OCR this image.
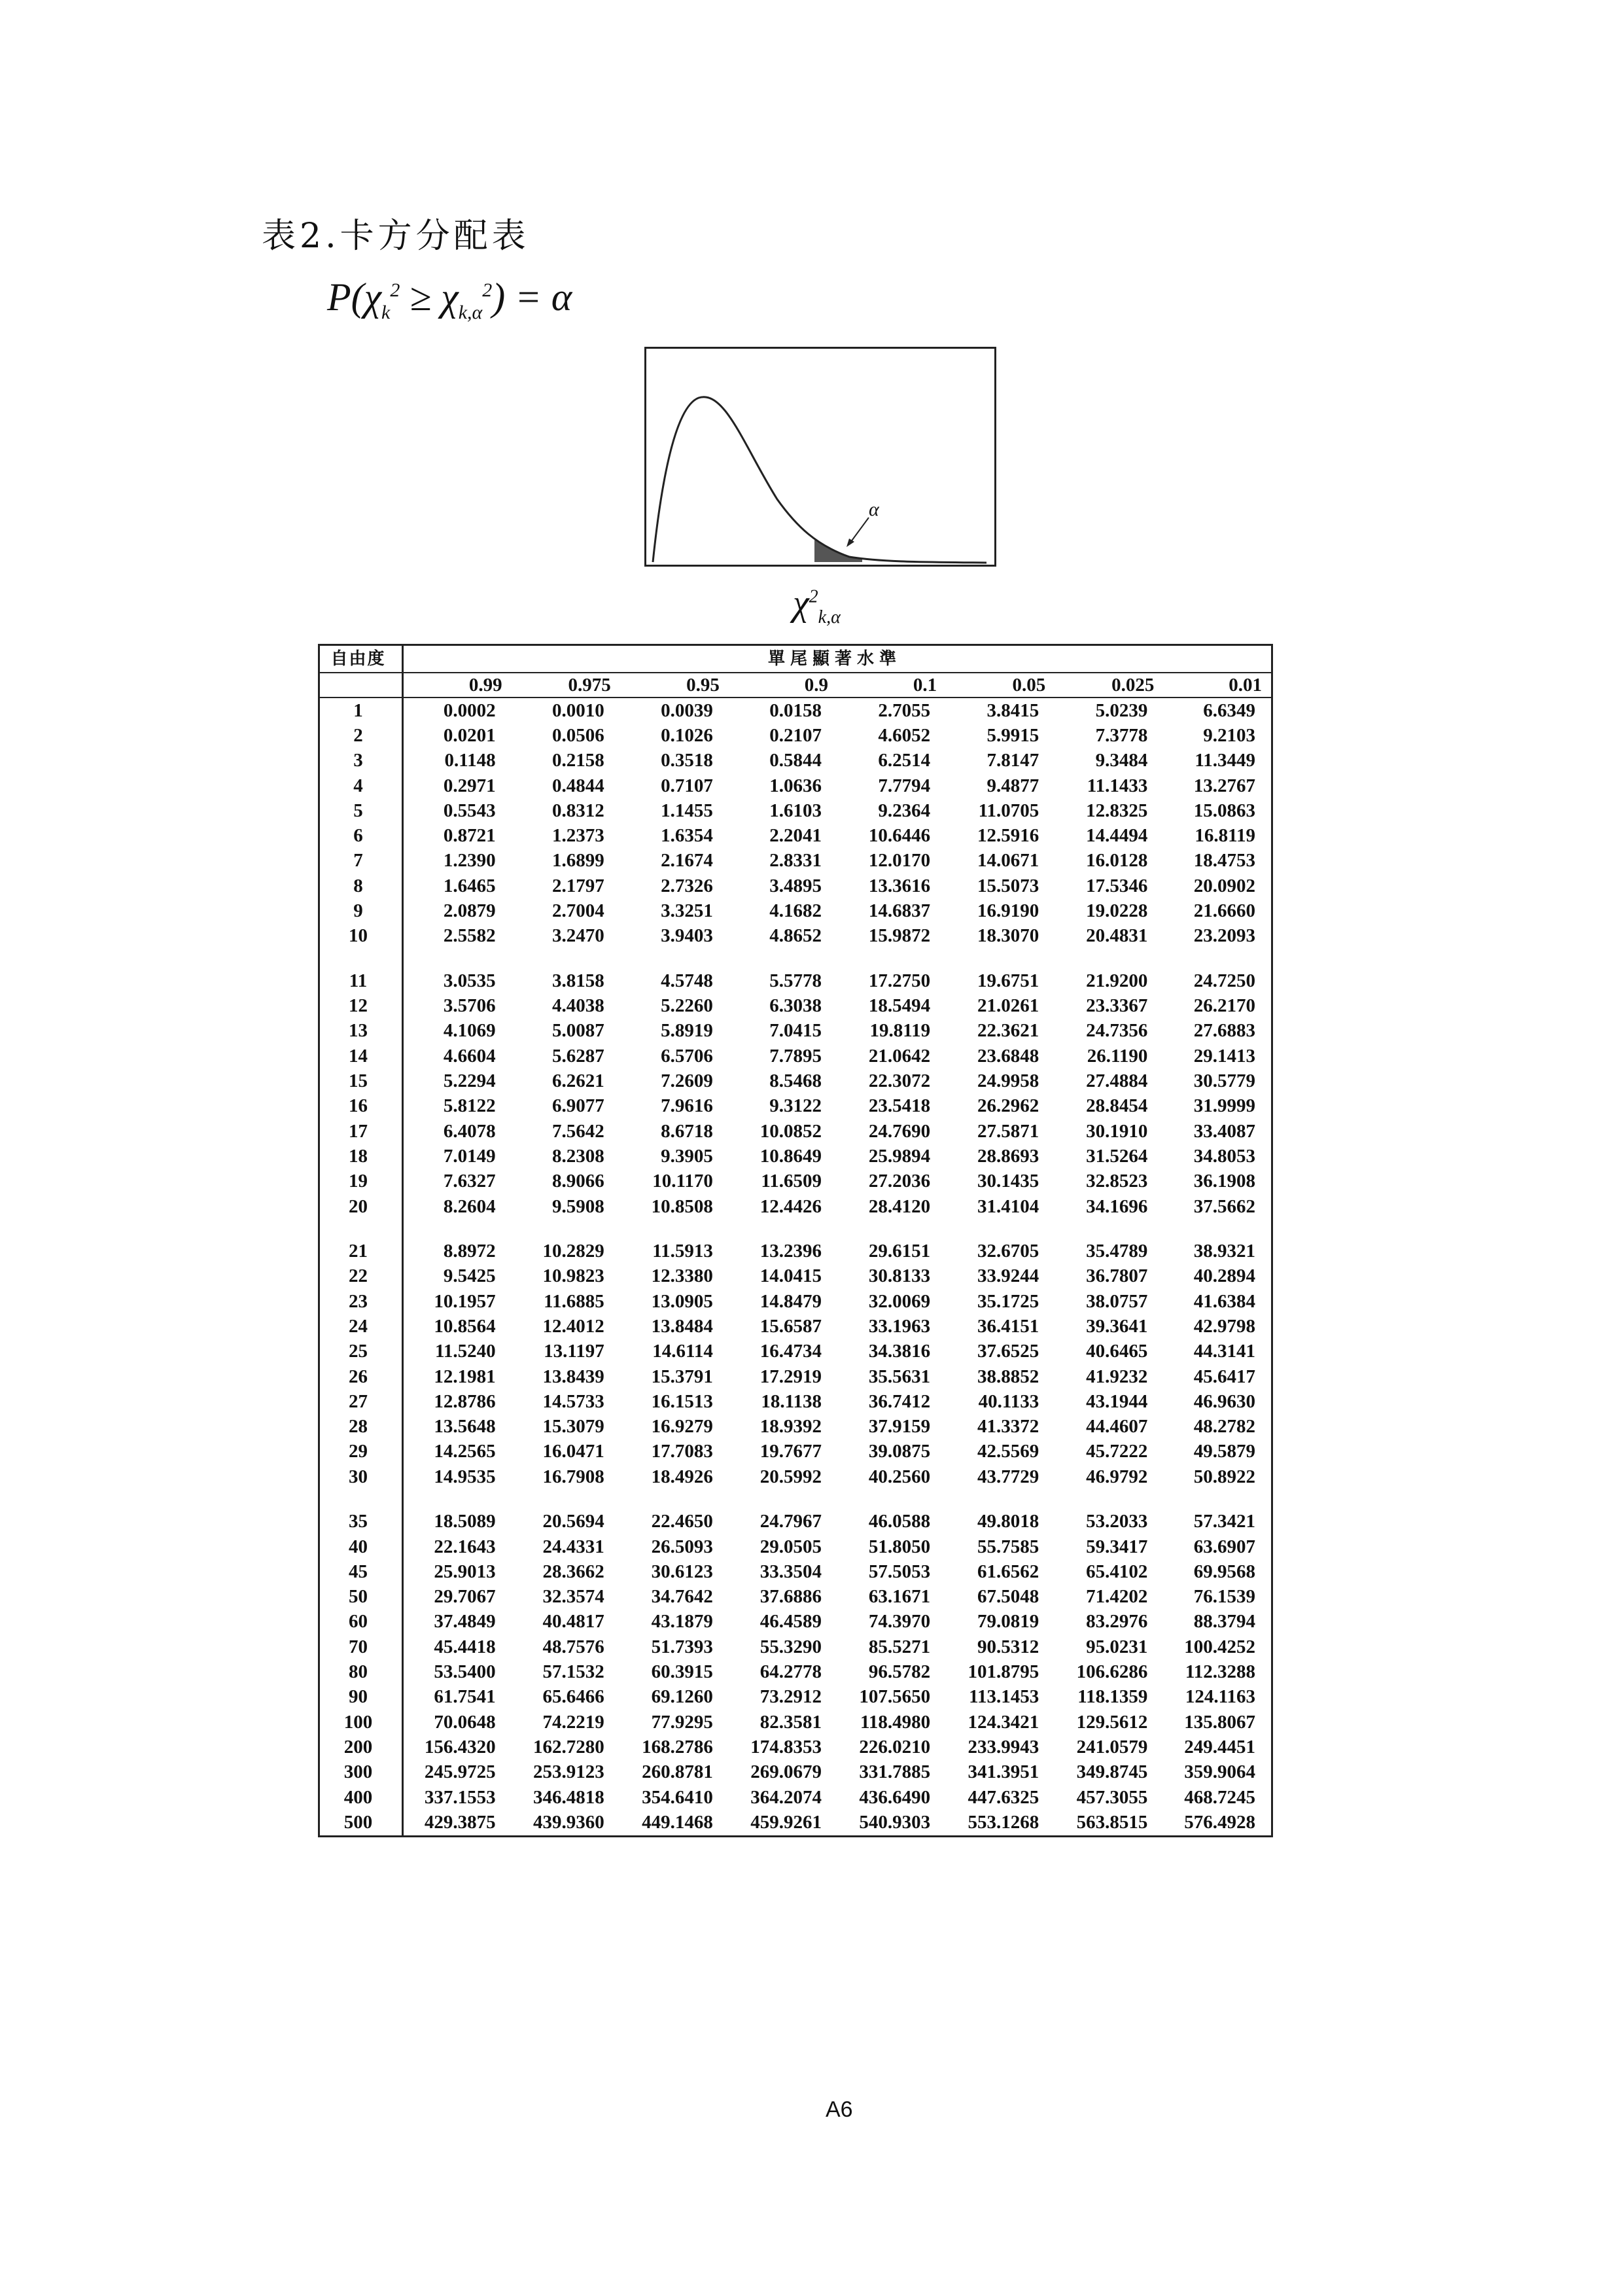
表2.卡方分配表
$P(\chi_k^2 \ge \chi_{k,\alpha}^2) = \alpha$
α
$\chi^2_{k,\alpha}$
自由度	單尾顯著水準							
	0.99	0.975	0.95	0.9	0.1	0.05	0.025	0.01
1	0.0002	0.0010	0.0039	0.0158	2.7055	3.8415	5.0239	6.6349
2	0.0201	0.0506	0.1026	0.2107	4.6052	5.9915	7.3778	9.2103
3	0.1148	0.2158	0.3518	0.5844	6.2514	7.8147	9.3484	11.3449
4	0.2971	0.4844	0.7107	1.0636	7.7794	9.4877	11.1433	13.2767
5	0.5543	0.8312	1.1455	1.6103	9.2364	11.0705	12.8325	15.0863
6	0.8721	1.2373	1.6354	2.2041	10.6446	12.5916	14.4494	16.8119
7	1.2390	1.6899	2.1674	2.8331	12.0170	14.0671	16.0128	18.4753
8	1.6465	2.1797	2.7326	3.4895	13.3616	15.5073	17.5346	20.0902
9	2.0879	2.7004	3.3251	4.1682	14.6837	16.9190	19.0228	21.6660
10	2.5582	3.2470	3.9403	4.8652	15.9872	18.3070	20.4831	23.2093

11	3.0535	3.8158	4.5748	5.5778	17.2750	19.6751	21.9200	24.7250
12	3.5706	4.4038	5.2260	6.3038	18.5494	21.0261	23.3367	26.2170
13	4.1069	5.0087	5.8919	7.0415	19.8119	22.3621	24.7356	27.6883
14	4.6604	5.6287	6.5706	7.7895	21.0642	23.6848	26.1190	29.1413
15	5.2294	6.2621	7.2609	8.5468	22.3072	24.9958	27.4884	30.5779
16	5.8122	6.9077	7.9616	9.3122	23.5418	26.2962	28.8454	31.9999
17	6.4078	7.5642	8.6718	10.0852	24.7690	27.5871	30.1910	33.4087
18	7.0149	8.2308	9.3905	10.8649	25.9894	28.8693	31.5264	34.8053
19	7.6327	8.9066	10.1170	11.6509	27.2036	30.1435	32.8523	36.1908
20	8.2604	9.5908	10.8508	12.4426	28.4120	31.4104	34.1696	37.5662

21	8.8972	10.2829	11.5913	13.2396	29.6151	32.6705	35.4789	38.9321
22	9.5425	10.9823	12.3380	14.0415	30.8133	33.9244	36.7807	40.2894
23	10.1957	11.6885	13.0905	14.8479	32.0069	35.1725	38.0757	41.6384
24	10.8564	12.4012	13.8484	15.6587	33.1963	36.4151	39.3641	42.9798
25	11.5240	13.1197	14.6114	16.4734	34.3816	37.6525	40.6465	44.3141
26	12.1981	13.8439	15.3791	17.2919	35.5631	38.8852	41.9232	45.6417
27	12.8786	14.5733	16.1513	18.1138	36.7412	40.1133	43.1944	46.9630
28	13.5648	15.3079	16.9279	18.9392	37.9159	41.3372	44.4607	48.2782
29	14.2565	16.0471	17.7083	19.7677	39.0875	42.5569	45.7222	49.5879
30	14.9535	16.7908	18.4926	20.5992	40.2560	43.7729	46.9792	50.8922

35	18.5089	20.5694	22.4650	24.7967	46.0588	49.8018	53.2033	57.3421
40	22.1643	24.4331	26.5093	29.0505	51.8050	55.7585	59.3417	63.6907
45	25.9013	28.3662	30.6123	33.3504	57.5053	61.6562	65.4102	69.9568
50	29.7067	32.3574	34.7642	37.6886	63.1671	67.5048	71.4202	76.1539
60	37.4849	40.4817	43.1879	46.4589	74.3970	79.0819	83.2976	88.3794
70	45.4418	48.7576	51.7393	55.3290	85.5271	90.5312	95.0231	100.4252
80	53.5400	57.1532	60.3915	64.2778	96.5782	101.8795	106.6286	112.3288
90	61.7541	65.6466	69.1260	73.2912	107.5650	113.1453	118.1359	124.1163
100	70.0648	74.2219	77.9295	82.3581	118.4980	124.3421	129.5612	135.8067
200	156.4320	162.7280	168.2786	174.8353	226.0210	233.9943	241.0579	249.4451
300	245.9725	253.9123	260.8781	269.0679	331.7885	341.3951	349.8745	359.9064
400	337.1553	346.4818	354.6410	364.2074	436.6490	447.6325	457.3055	468.7245
500	429.3875	439.9360	449.1468	459.9261	540.9303	553.1268	563.8515	576.4928
A6
